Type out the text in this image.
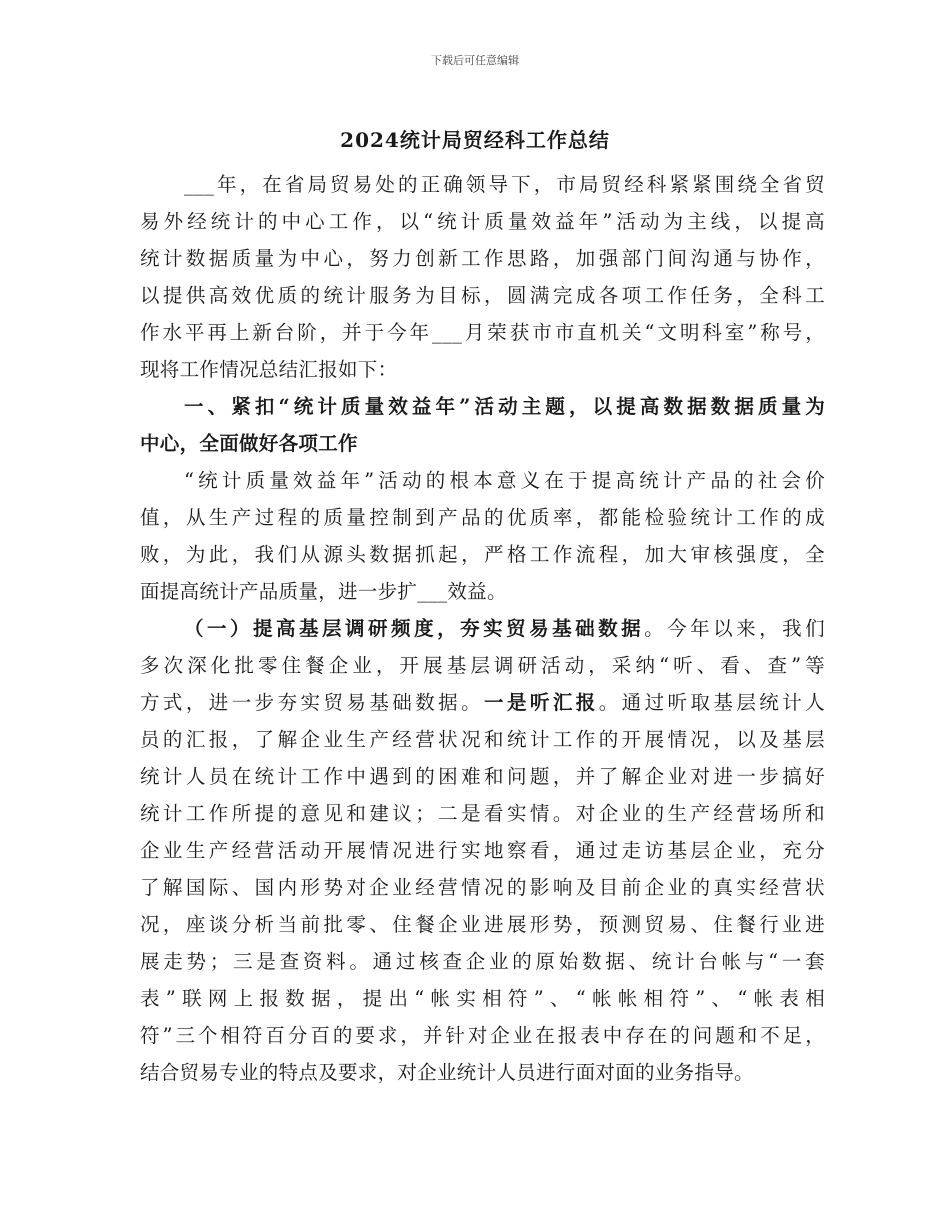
下载后可任意编辑
2024统计局贸经科工作总结
___年，在省局贸易处的正确领导下，市局贸经科紧紧围绕全省贸
易外经统计的中心工作，以“统计质量效益年”活动为主线，以提高
统计数据质量为中心，努力创新工作思路，加强部门间沟通与协作，
以提供高效优质的统计服务为目标，圆满完成各项工作任务，全科工
作水平再上新台阶，并于今年___月荣获市市直机关“文明科室”称号，
现将工作情况总结汇报如下：
一、紧扣“统计质量效益年”活动主题，以提高数据数据质量为
中心，全面做好各项工作
“统计质量效益年”活动的根本意义在于提高统计产品的社会价
值，从生产过程的质量控制到产品的优质率，都能检验统计工作的成
败，为此，我们从源头数据抓起，严格工作流程，加大审核强度，全
面提高统计产品质量，进一步扩___效益。
（一）提高基层调研频度，夯实贸易基础数据。今年以来，我们
多次深化批零住餐企业，开展基层调研活动，采纳“听、看、查”等
方式，进一步夯实贸易基础数据。一是听汇报。通过听取基层统计人
员的汇报，了解企业生产经营状况和统计工作的开展情况，以及基层
统计人员在统计工作中遇到的困难和问题，并了解企业对进一步搞好
统计工作所提的意见和建议；二是看实情。对企业的生产经营场所和
企业生产经营活动开展情况进行实地察看，通过走访基层企业，充分
了解国际、国内形势对企业经营情况的影响及目前企业的真实经营状
况，座谈分析当前批零、住餐企业进展形势，预测贸易、住餐行业进
展走势；三是查资料。通过核查企业的原始数据、统计台帐与“一套
表”联网上报数据，提出“帐实相符”、“帐帐相符”、“帐表相
符”三个相符百分百的要求，并针对企业在报表中存在的问题和不足，
结合贸易专业的特点及要求，对企业统计人员进行面对面的业务指导。
